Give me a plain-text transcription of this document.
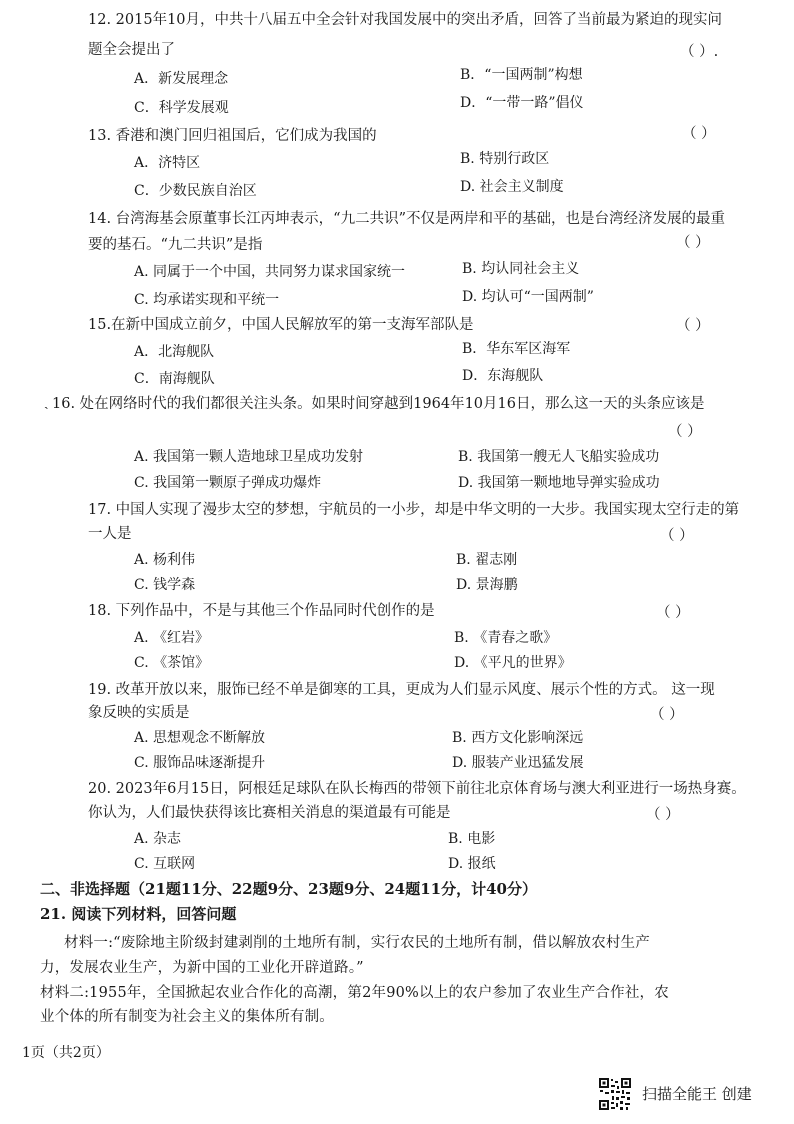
12. 2015年10月，中共十八届五中全会针对我国发展中的突出矛盾，回答了当前最为紧迫的现实问
题全会提出了	（ ）.
A．新发展理念	B．“一国两制”构想
C．科学发展观	D．“一带一路”倡仪
13. 香港和澳门回归祖国后，它们成为我国的	（ ）
A．济特区	B. 特别行政区
C．少数民族自治区	D. 社会主义制度
14. 台湾海基会原董事长江丙坤表示，“九二共识”不仅是两岸和平的基础，也是台湾经济发展的最重
要的基石。“九二共识”是指	（ ）
A. 同属于一个中国，共同努力谋求国家统一	B. 均认同社会主义
C. 均承诺实现和平统一	D. 均认可“一国两制”
15.在新中国成立前夕，中国人民解放军的第一支海军部队是	（ ）
A．北海舰队	B．华东军区海军
C．南海舰队	D．东海舰队
ˎ 16. 处在网络时代的我们都很关注头条。如果时间穿越到1964年10月16日，那么这一天的头条应该是
（ ）
A. 我国第一颗人造地球卫星成功发射	B. 我国第一艘无人飞船实验成功
C. 我国第一颗原子弹成功爆炸	D. 我国第一颗地地导弹实验成功
17. 中国人实现了漫步太空的梦想，宇航员的一小步，却是中华文明的一大步。我国实现太空行走的第
一人是	（ ）
A. 杨利伟	B. 翟志刚
C. 钱学森	D. 景海鹏
18. 下列作品中，不是与其他三个作品同时代创作的是	（ ）
A. 《红岩》	B. 《青春之歌》
C. 《茶馆》	D. 《平凡的世界》
19. 改革开放以来，服饰已经不单是御寒的工具，更成为人们显示风度、展示个性的方式。 这一现
象反映的实质是	（ ）
A. 思想观念不断解放	B. 西方文化影响深远
C. 服饰品味逐渐提升	D. 服装产业迅猛发展
20. 2023年6月15日，阿根廷足球队在队长梅西的带领下前往北京体育场与澳大利亚进行一场热身赛。
你认为，人们最快获得该比赛相关消息的渠道最有可能是	（ ）
A. 杂志	B. 电影
C. 互联网	D. 报纸
二、非选择题（21题11分、22题9分、23题9分、24题11分，计40分）
21. 阅读下列材料，回答问题
材料一:“废除地主阶级封建剥削的土地所有制，实行农民的土地所有制，借以解放农村生产
力，发展农业生产，为新中国的工业化开辟道路。”
材料二:1955年，全国掀起农业合作化的高潮，第2年90%以上的农户参加了农业生产合作社，农
业个体的所有制变为社会主义的集体所有制。
1页（共2页）
扫描全能王 创建
